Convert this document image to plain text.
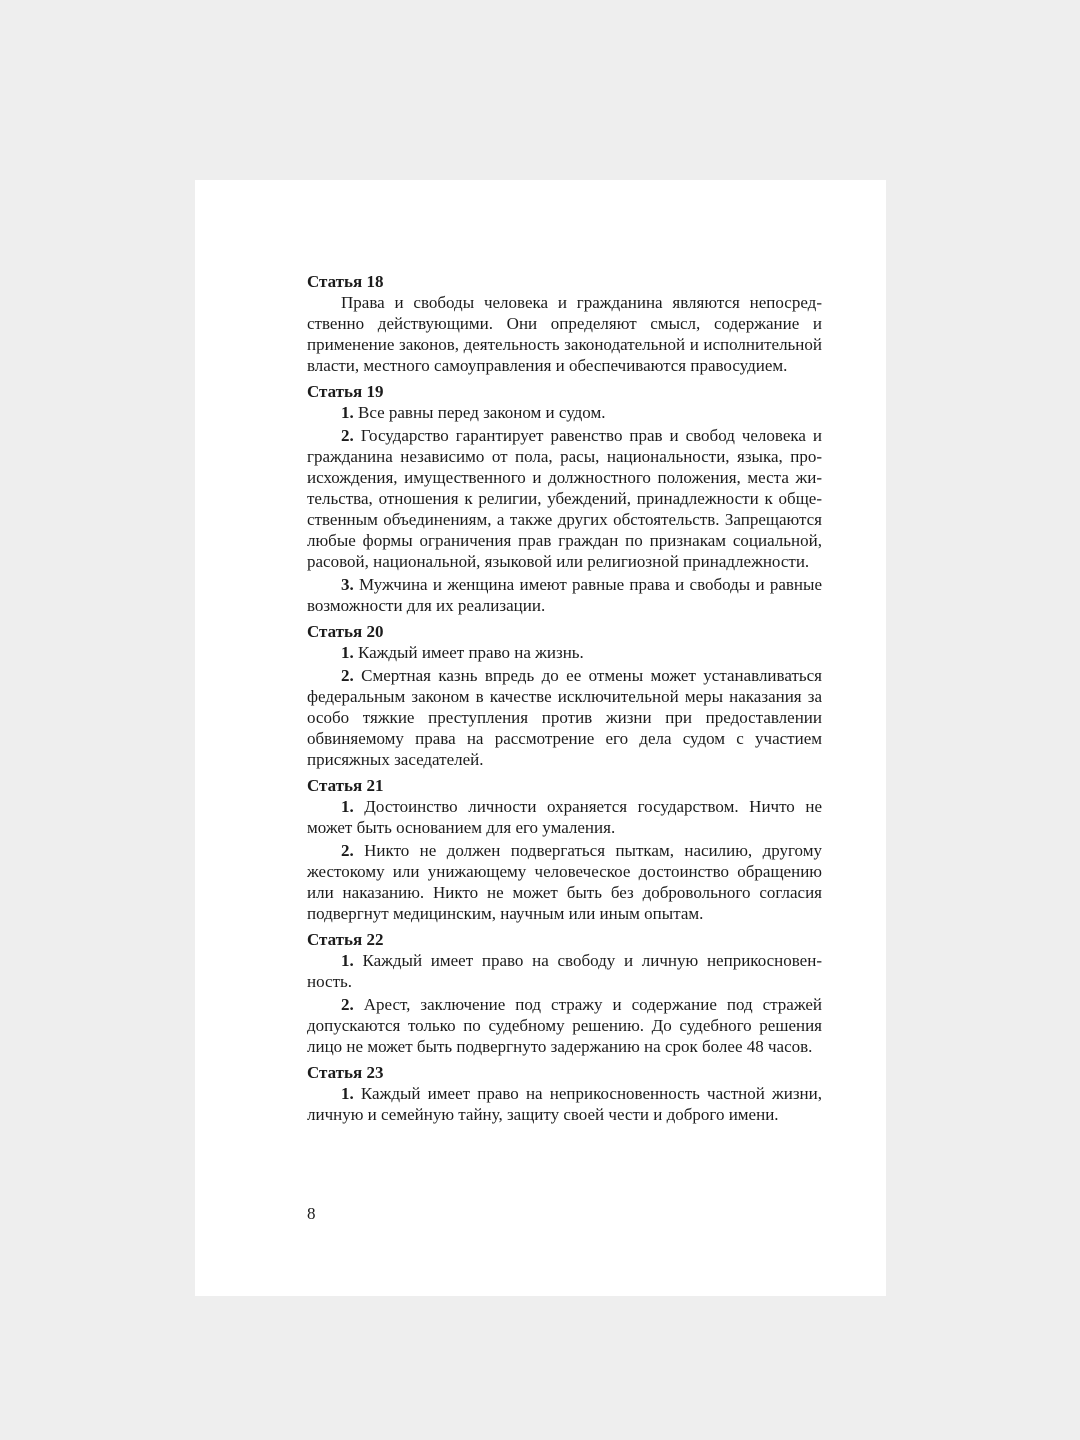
Статья 18

Права и свободы человека и гражданина являются непосредственно действующими. Они определяют смысл, содержание и применение законов, деятельность законодательной и исполнительной власти, местного самоуправления и обеспечиваются правосудием.

Статья 19

1. Все равны перед законом и судом.

2. Государство гарантирует равенство прав и свобод человека и гражданина независимо от пола, расы, национальности, языка, происхождения, имущественного и должностного положения, места жительства, отношения к религии, убеждений, принадлежности к общественным объединениям, а также других обстоятельств. Запрещаются любые формы ограничения прав граждан по признакам социальной, расовой, национальной, языковой или религиозной принадлежности.

3. Мужчина и женщина имеют равные права и свободы и равные возможности для их реализации.

Статья 20

1. Каждый имеет право на жизнь.

2. Смертная казнь впредь до ее отмены может устанавливаться федеральным законом в качестве исключительной меры наказания за особо тяжкие преступления против жизни при предоставлении обвиняемому права на рассмотрение его дела судом с участием присяжных заседателей.

Статья 21

1. Достоинство личности охраняется государством. Ничто не может быть основанием для его умаления.

2. Никто не должен подвергаться пыткам, насилию, другому жестокому или унижающему человеческое достоинство обращению или наказанию. Никто не может быть без добровольного согласия подвергнут медицинским, научным или иным опытам.

Статья 22

1. Каждый имеет право на свободу и личную неприкосновенность.

2. Арест, заключение под стражу и содержание под стражей допускаются только по судебному решению. До судебного решения лицо не может быть подвергнуто задержанию на срок более 48 часов.

Статья 23

1. Каждый имеет право на неприкосновенность частной жизни, личную и семейную тайну, защиту своей чести и доброго имени.

8
